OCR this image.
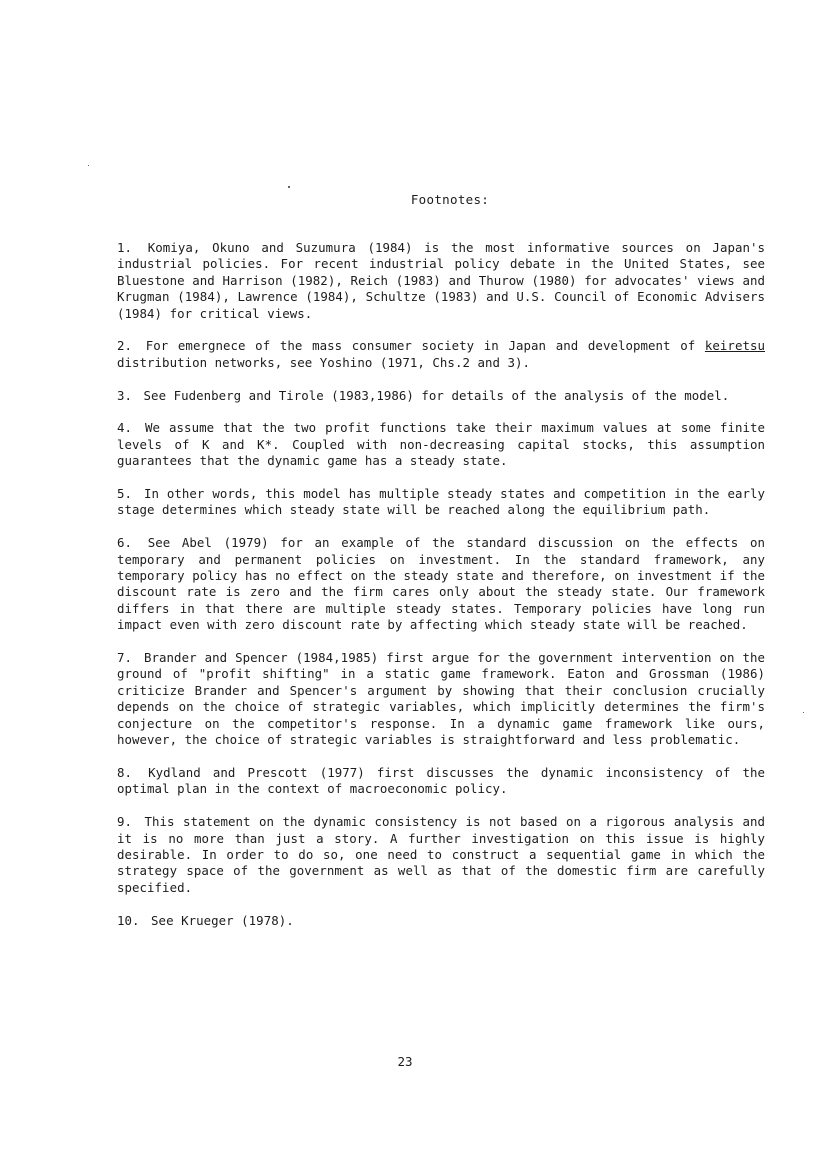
Footnotes:
1. Komiya, Okuno and Suzumura (1984) is the most informative sources on Japan's industrial policies. For recent industrial policy debate in the United States, see Bluestone and Harrison (1982), Reich (1983) and Thurow (1980) for advocates' views and Krugman (1984), Lawrence (1984), Schultze (1983) and U.S. Council of Economic Advisers (1984) for critical views.
2. For emergnece of the mass consumer society in Japan and development of keiretsu distribution networks, see Yoshino (1971, Chs.2 and 3).
3. See Fudenberg and Tirole (1983,1986) for details of the analysis of the model.
4. We assume that the two profit functions take their maximum values at some finite levels of K and K*. Coupled with non-decreasing capital stocks, this assumption guarantees that the dynamic game has a steady state.
5. In other words, this model has multiple steady states and competition in the early stage determines which steady state will be reached along the equilibrium path.
6. See Abel (1979) for an example of the standard discussion on the effects on temporary and permanent policies on investment. In the standard framework, any temporary policy has no effect on the steady state and therefore, on investment if the discount rate is zero and the firm cares only about the steady state. Our framework differs in that there are multiple steady states. Temporary policies have long run impact even with zero discount rate by affecting which steady state will be reached.
7. Brander and Spencer (1984,1985) first argue for the government intervention on the ground of "profit shifting" in a static game framework. Eaton and Grossman (1986) criticize Brander and Spencer's argument by showing that their conclusion crucially depends on the choice of strategic variables, which implicitly determines the firm's conjecture on the competitor's response. In a dynamic game framework like ours, however, the choice of strategic variables is straightforward and less problematic.
8. Kydland and Prescott (1977) first discusses the dynamic inconsistency of the optimal plan in the context of macroeconomic policy.
9. This statement on the dynamic consistency is not based on a rigorous analysis and it is no more than just a story. A further investigation on this issue is highly desirable. In order to do so, one need to construct a sequential game in which the strategy space of the government as well as that of the domestic firm are carefully specified.
10. See Krueger (1978).
23
